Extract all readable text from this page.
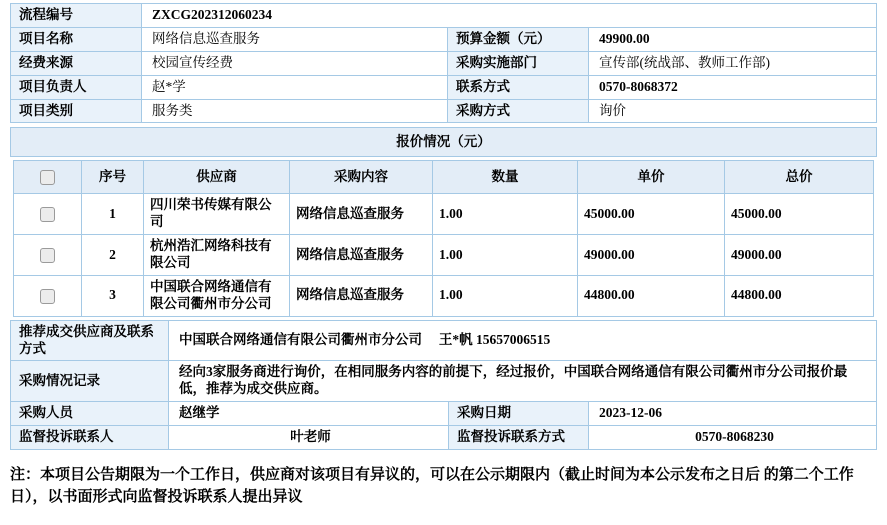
流程编号	ZXCG202312060234		
项目名称	网络信息巡查服务	预算金额（元）	49900.00
经费来源	校园宣传经费	采购实施部门	宣传部(统战部、教师工作部)
项目负责人	赵*学	联系方式	0570-8068372
项目类别	服务类	采购方式	询价
报价情况（元）
	序号	供应商	采购内容	数量	单价	总价
	1	四川荣书传媒有限公司	网络信息巡查服务	1.00	45000.00	45000.00
	2	杭州浩汇网络科技有限公司	网络信息巡查服务	1.00	49000.00	49000.00
	3	中国联合网络通信有限公司衢州市分公司	网络信息巡查服务	1.00	44800.00	44800.00
推荐成交供应商及联系方式	中国联合网络通信有限公司衢州市分公司　 王*帆 15657006515		
采购情况记录	经向3家服务商进行询价，在相同服务内容的前提下，经过报价，中国联合网络通信有限公司衢州市分公司报价最低，推荐为成交供应商。		
采购人员	赵继学	采购日期	2023-12-06
监督投诉联系人	叶老师	监督投诉联系方式	0570-8068230

注：本项目公告期限为一个工作日，供应商对该项目有异议的，可以在公示期限内（截止时间为本公示发布之日后 的第二个工作日），以书面形式向监督投诉联系人提出异议
